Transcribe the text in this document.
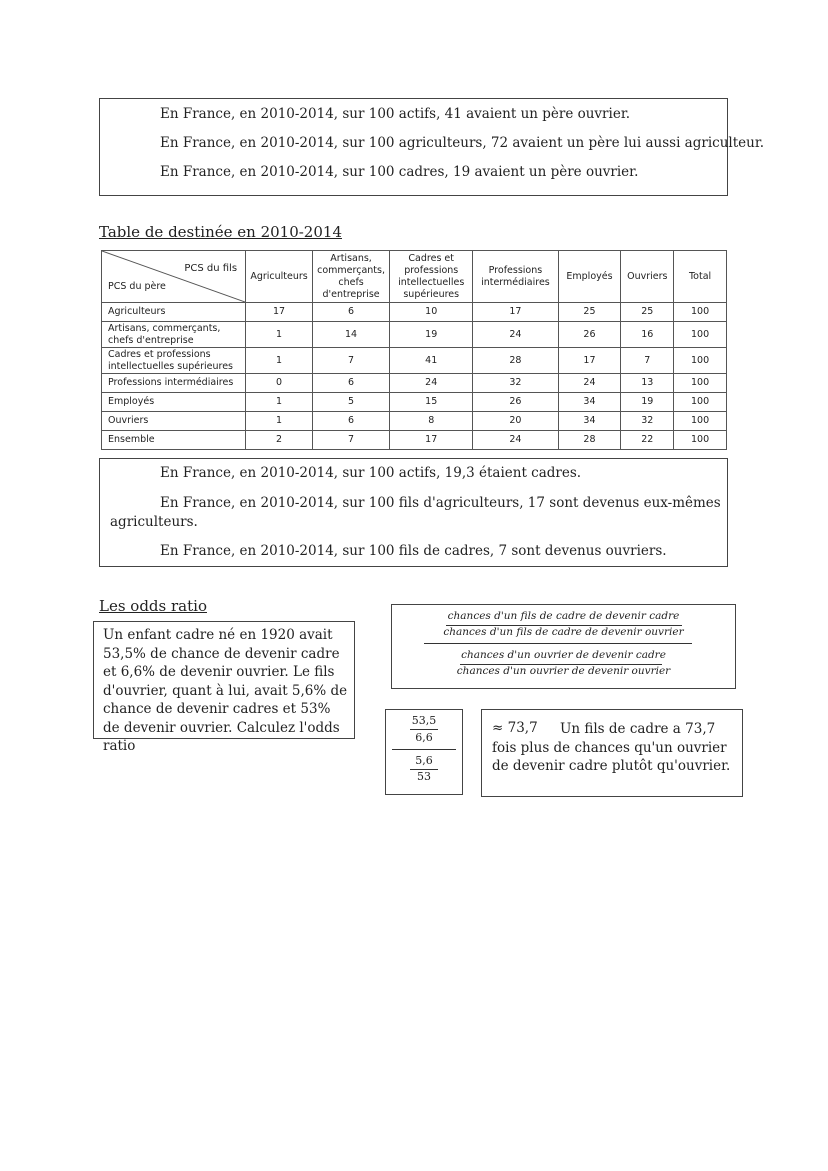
En France, en 2010-2014, sur 100 actifs, 41 avaient un père ouvrier.

En France, en 2010-2014, sur 100 agriculteurs, 72 avaient un père lui aussi agriculteur.

En France, en 2010-2014, sur 100 cadres, 19 avaient un père ouvrier.

Table de destinée en 2010-2014

PCS du fils
PCS du père	Agriculteurs	Artisans, commerçants, chefs d'entreprise	Cadres et professions intellectuelles supérieures	Professions intermédiaires	Employés	Ouvriers	Total
Agriculteurs	17	6	10	17	25	25	100
Artisans, commerçants, chefs d'entreprise	1	14	19	24	26	16	100
Cadres et professions intellectuelles supérieures	1	7	41	28	17	7	100
Professions intermédiaires	0	6	24	32	24	13	100
Employés	1	5	15	26	34	19	100
Ouvriers	1	6	8	20	34	32	100
Ensemble	2	7	17	24	28	22	100

En France, en 2010-2014, sur 100 actifs, 19,3 étaient cadres.

En France, en 2010-2014, sur 100 fils d'agriculteurs, 17 sont devenus eux-mêmes

agriculteurs.

En France, en 2010-2014, sur 100 fils de cadres, 7 sont devenus ouvriers.

Les odds ratio

Un enfant cadre né en 1920 avait 53,5% de chance de devenir cadre et 6,6% de devenir ouvrier. Le fils d'ouvrier, quant à lui, avait 5,6% de chance de devenir cadres et 53% de devenir ouvrier. Calculez l'odds ratio
chances d'un fils de cadre de devenir cadre
chances d'un fils de cadre de devenir ouvrier
chances d'un ouvrier de devenir cadre
chances d'un ouvrier de devenir ouvrier
53,5
6,6
5,6
53
≈ 73,7	Un fils de cadre a 73,7 fois plus de chances qu'un ouvrier de devenir cadre plutôt qu'ouvrier.
